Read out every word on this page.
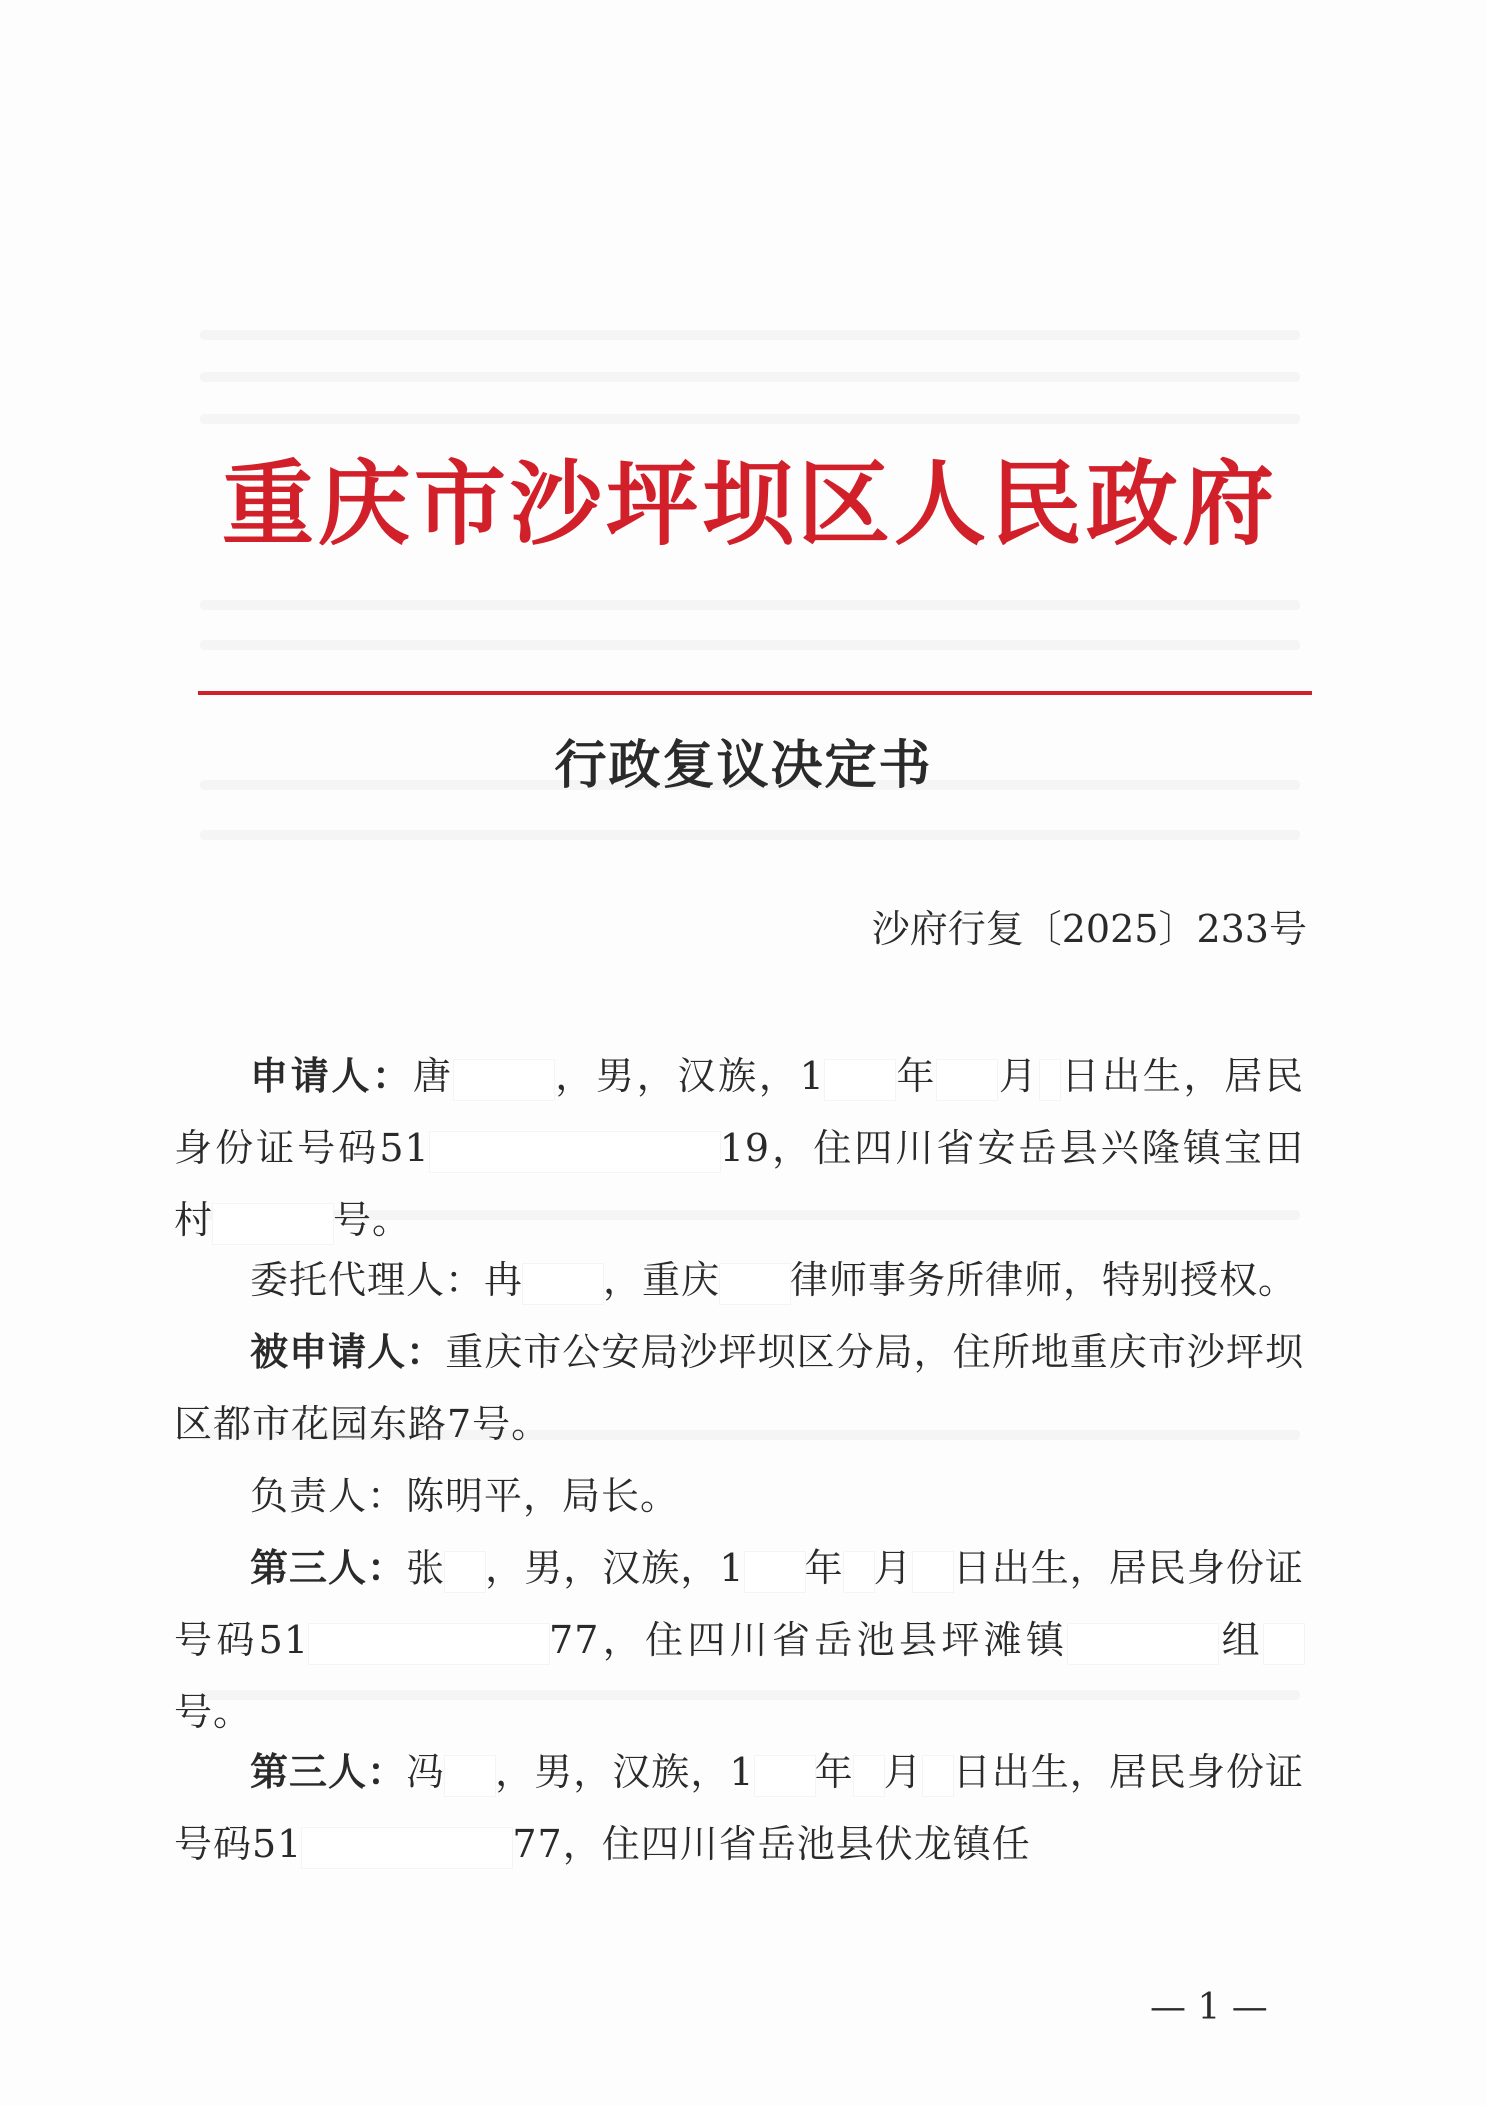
重庆市沙坪坝区人民政府
行政复议决定书
沙府行复〔2025〕233号
申请人：唐	，男，汉族，1 年 月 日出生，居民身份证号码51	19，住四川省安岳县兴隆镇宝田村	号。
委托代理人：冉 ，重庆 律师事务所律师，特别授权。
被申请人：重庆市公安局沙坪坝区分局，住所地重庆市沙坪坝区都市花园东路7号。
负责人：陈明平，局长。
第三人：张 ，男，汉族，1 年 月 日出生，居民身份证号码51	77，住四川省岳池县坪滩镇	组号。
第三人：冯 ，男，汉族，1 年 月 日出生，居民身份证号码51	77，住四川省岳池县伏龙镇任
— 1 —
